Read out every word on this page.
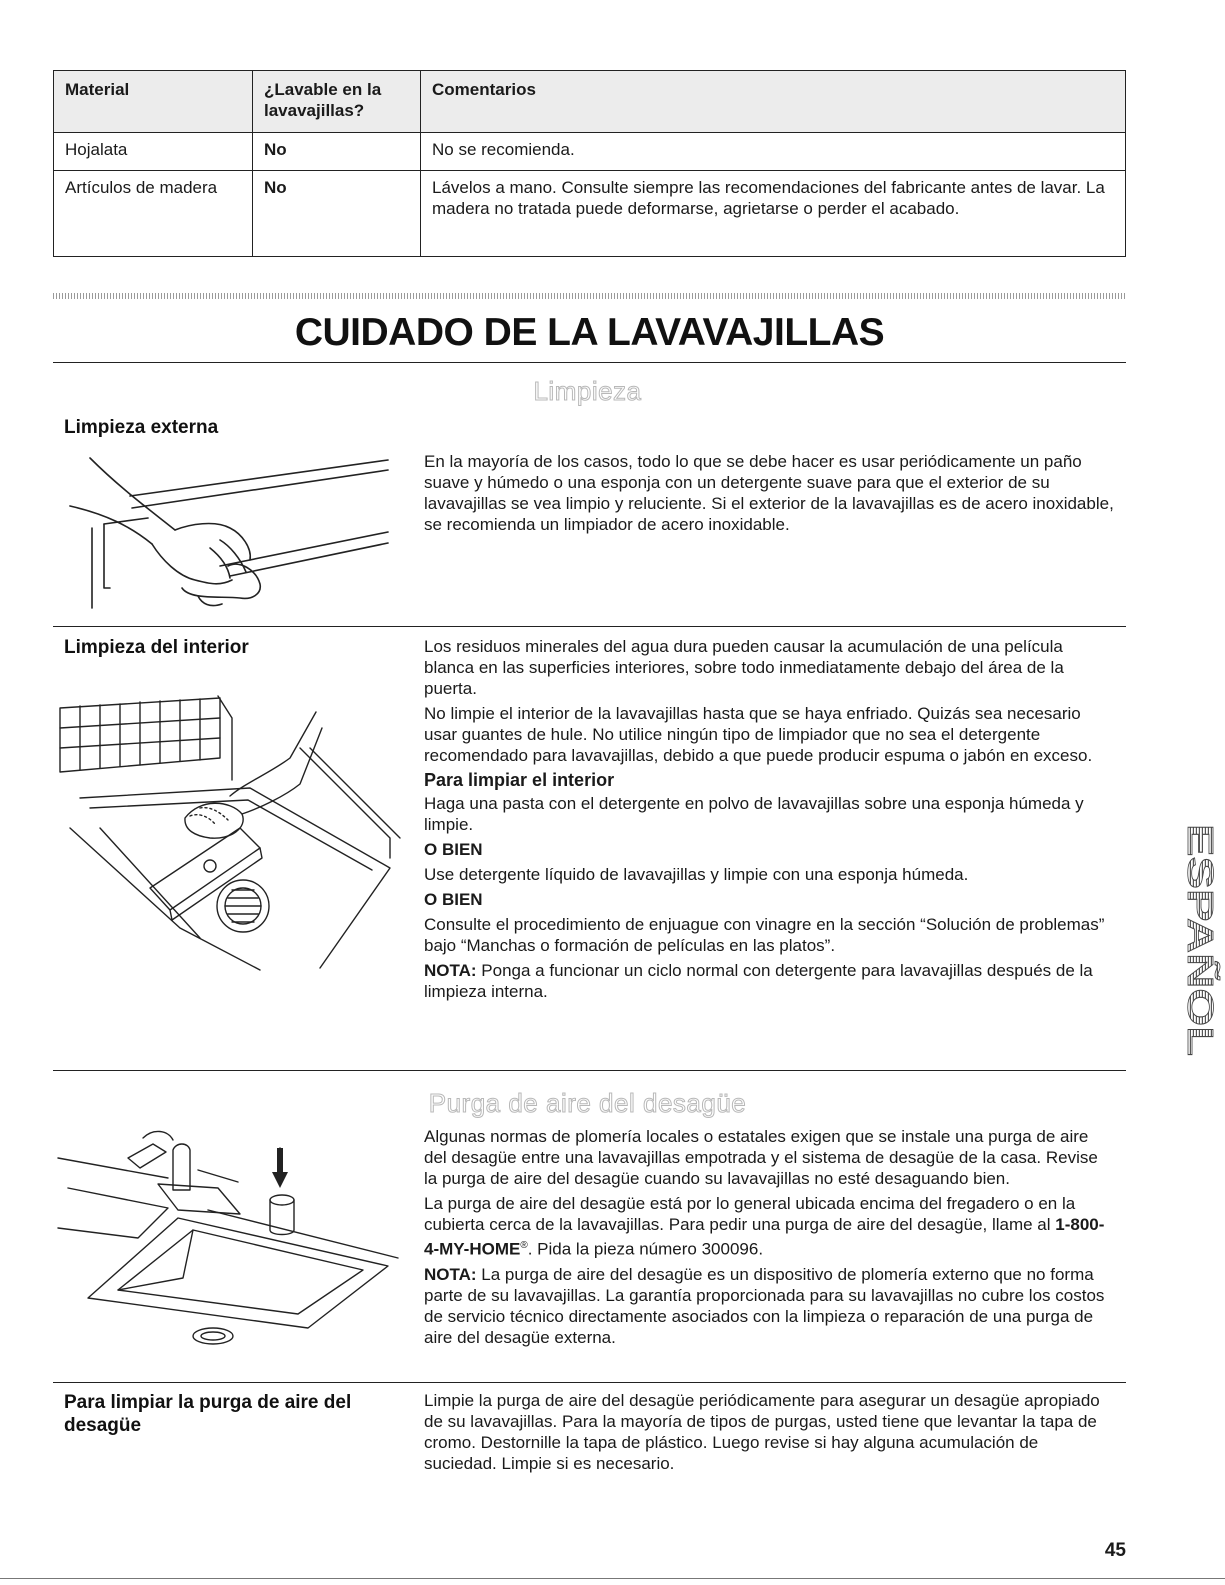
Material	¿Lavable en la lavavajillas?	Comentarios
Hojalata	No	No se recomienda.
Artículos de madera	No	Lávelos a mano. Consulte siempre las recomendaciones del fabricante antes de lavar. La madera no tratada puede deformarse, agrietarse o perder el acabado.
CUIDADO DE LA LAVAVAJILLAS
Limpieza
Limpieza externa
En la mayoría de los casos, todo lo que se debe hacer es usar periódicamente un paño suave y húmedo o una esponja con un detergente suave para que el exterior de su lavavajillas se vea limpio y reluciente. Si el exterior de la lavavajillas es de acero inoxidable, se recomienda un limpiador de acero inoxidable.
Limpieza del interior	Los residuos minerales del agua dura pueden causar la acumulación de una película blanca en las superficies interiores, sobre todo inmediatamente debajo del área de la puerta.

No limpie el interior de la lavavajillas hasta que se haya enfriado. Quizás sea necesario usar guantes de hule. No utilice ningún tipo de limpiador que no sea el detergente recomendado para lavavajillas, debido a que puede producir espuma o jabón en exceso.

Para limpiar el interior

Haga una pasta con el detergente en polvo de lavavajillas sobre una esponja húmeda y limpie.

O BIEN

Use detergente líquido de lavavajillas y limpie con una esponja húmeda.

O BIEN

Consulte el procedimiento de enjuague con vinagre en la sección “Solución de problemas” bajo “Manchas o formación de películas en las platos”.

NOTA: Ponga a funcionar un ciclo normal con detergente para lavavajillas después de la limpieza interna.

Purga de aire del desagüe

Algunas normas de plomería locales o estatales exigen que se instale una purga de aire del desagüe entre una lavavajillas empotrada y el sistema de desagüe de la casa. Revise la purga de aire del desagüe cuando su lavavajillas no esté desaguando bien.

La purga de aire del desagüe está por lo general ubicada encima del fregadero o en la cubierta cerca de la lavavajillas. Para pedir una purga de aire del desagüe, llame al 1-800-4-MY-HOME®. Pida la pieza número 300096.

NOTA: La purga de aire del desagüe es un dispositivo de plomería externo que no forma parte de su lavavajillas. La garantía proporcionada para su lavavajillas no cubre los costos de servicio técnico directamente asociados con la limpieza o reparación de una purga de aire del desagüe externa.

Para limpiar la purga de aire del desagüe
Limpie la purga de aire del desagüe periódicamente para asegurar un desagüe apropiado de su lavavajillas. Para la mayoría de tipos de purgas, usted tiene que levantar la tapa de cromo. Destornille la tapa de plástico. Luego revise si hay alguna acumulación de suciedad. Limpie si es necesario.
ESPAÑOL
45
